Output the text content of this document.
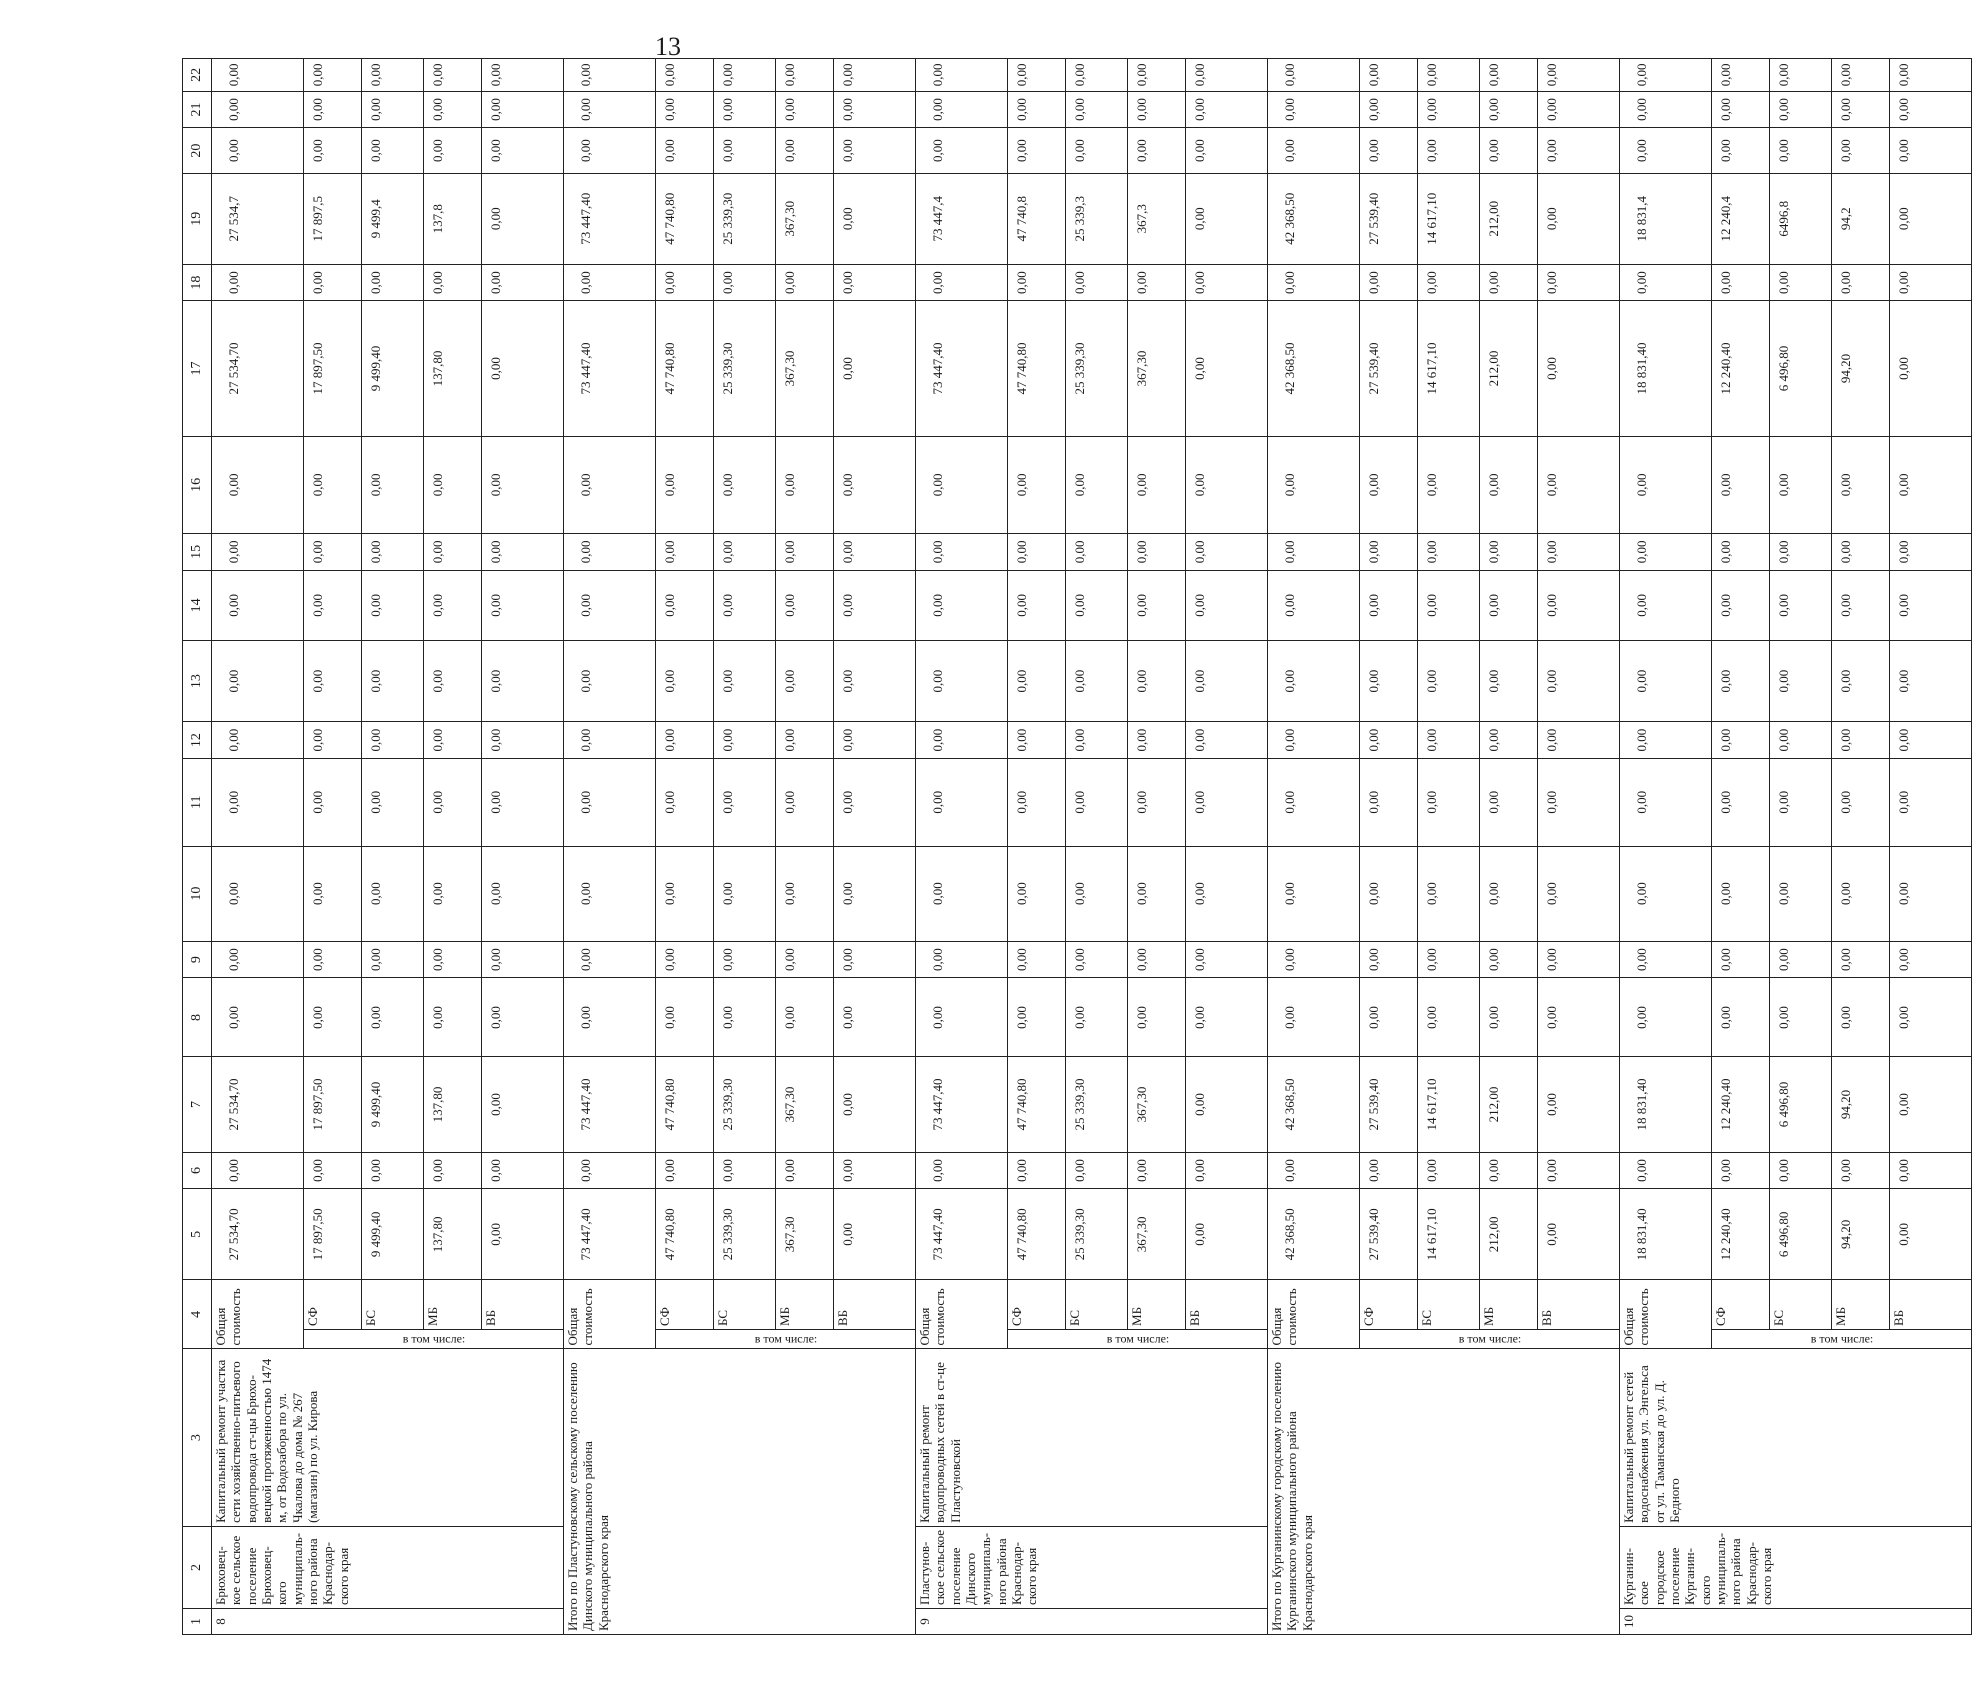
13
1	2	3	4		5	6	7	8	9	10	11	12	13	14	15	16	17	18	19	20	21	22
8	Брюховец-кое сельское поселение Брюховец-кого муниципаль-ного района Краснодар-ского края	Капитальный ремонт участка сети хозяйственно-питьевого водопровода ст-цы Брюхо-вецкой протяженностью 1474 м, от Водозабора по ул. Чкалова до дома № 267 (магазин) по ул. Кирова	Общая стоимость		27 534,70	0,00	27 534,70	0,00	0,00	0,00	0,00	0,00	0,00	0,00	0,00	0,00	27 534,70	0,00	27 534,7	0,00	0,00	0,00

			в том числе:	СФ	17 897,50	0,00	17 897,50	0,00	0,00	0,00	0,00	0,00	0,00	0,00	0,00	0,00	17 897,50	0,00	17 897,5	0,00	0,00	0,00
				БС	9 499,40	0,00	9 499,40	0,00	0,00	0,00	0,00	0,00	0,00	0,00	0,00	0,00	9 499,40	0,00	9 499,4	0,00	0,00	0,00
				МБ	137,80	0,00	137,80	0,00	0,00	0,00	0,00	0,00	0,00	0,00	0,00	0,00	137,80	0,00	137,8	0,00	0,00	0,00
				ВБ	0,00	0,00	0,00	0,00	0,00	0,00	0,00	0,00	0,00	0,00	0,00	0,00	0,00	0,00	0,00	0,00	0,00	0,00
Итого по Пластуновскому сельскому поселению Динского муниципального района Краснодарского края			Общая стоимость		73 447,40	0,00	73 447,40	0,00	0,00	0,00	0,00	0,00	0,00	0,00	0,00	0,00	73 447,40	0,00	73 447,40	0,00	0,00	0,00

			в том числе:	СФ	47 740,80	0,00	47 740,80	0,00	0,00	0,00	0,00	0,00	0,00	0,00	0,00	0,00	47 740,80	0,00	47 740,80	0,00	0,00	0,00
				БС	25 339,30	0,00	25 339,30	0,00	0,00	0,00	0,00	0,00	0,00	0,00	0,00	0,00	25 339,30	0,00	25 339,30	0,00	0,00	0,00
				МБ	367,30	0,00	367,30	0,00	0,00	0,00	0,00	0,00	0,00	0,00	0,00	0,00	367,30	0,00	367,30	0,00	0,00	0,00
				ВБ	0,00	0,00	0,00	0,00	0,00	0,00	0,00	0,00	0,00	0,00	0,00	0,00	0,00	0,00	0,00	0,00	0,00	0,00
9	Пластунов-ское сельское поселение Динского муниципаль-ного района Краснодар-ского края	Капитальный ремонт водопроводных сетей в ст-це Пластуновской	Общая стоимость		73 447,40	0,00	73 447,40	0,00	0,00	0,00	0,00	0,00	0,00	0,00	0,00	0,00	73 447,40	0,00	73 447,4	0,00	0,00	0,00

			в том числе:	СФ	47 740,80	0,00	47 740,80	0,00	0,00	0,00	0,00	0,00	0,00	0,00	0,00	0,00	47 740,80	0,00	47 740,8	0,00	0,00	0,00
				БС	25 339,30	0,00	25 339,30	0,00	0,00	0,00	0,00	0,00	0,00	0,00	0,00	0,00	25 339,30	0,00	25 339,3	0,00	0,00	0,00
				МБ	367,30	0,00	367,30	0,00	0,00	0,00	0,00	0,00	0,00	0,00	0,00	0,00	367,30	0,00	367,3	0,00	0,00	0,00
				ВБ	0,00	0,00	0,00	0,00	0,00	0,00	0,00	0,00	0,00	0,00	0,00	0,00	0,00	0,00	0,00	0,00	0,00	0,00
Итого по Курганинскому городскому поселению Курганинского муниципального района Краснодарского края			Общая стоимость		42 368,50	0,00	42 368,50	0,00	0,00	0,00	0,00	0,00	0,00	0,00	0,00	0,00	42 368,50	0,00	42 368,50	0,00	0,00	0,00

			в том числе:	СФ	27 539,40	0,00	27 539,40	0,00	0,00	0,00	0,00	0,00	0,00	0,00	0,00	0,00	27 539,40	0,00	27 539,40	0,00	0,00	0,00
				БС	14 617,10	0,00	14 617,10	0,00	0,00	0,00	0,00	0,00	0,00	0,00	0,00	0,00	14 617,10	0,00	14 617,10	0,00	0,00	0,00
				МБ	212,00	0,00	212,00	0,00	0,00	0,00	0,00	0,00	0,00	0,00	0,00	0,00	212,00	0,00	212,00	0,00	0,00	0,00
				ВБ	0,00	0,00	0,00	0,00	0,00	0,00	0,00	0,00	0,00	0,00	0,00	0,00	0,00	0,00	0,00	0,00	0,00	0,00
10	Курганин-ское городское поселение Курганин-ского муниципаль-ного района Краснодар-ского края	Капитальный ремонт сетей водоснабжения ул. Энгельса от ул. Таманская до ул. Д. Бедного	Общая стоимость		18 831,40	0,00	18 831,40	0,00	0,00	0,00	0,00	0,00	0,00	0,00	0,00	0,00	18 831,40	0,00	18 831,4	0,00	0,00	0,00

			в том числе:	СФ	12 240,40	0,00	12 240,40	0,00	0,00	0,00	0,00	0,00	0,00	0,00	0,00	0,00	12 240,40	0,00	12 240,4	0,00	0,00	0,00
				БС	6 496,80	0,00	6 496,80	0,00	0,00	0,00	0,00	0,00	0,00	0,00	0,00	0,00	6 496,80	0,00	6496,8	0,00	0,00	0,00
				МБ	94,20	0,00	94,20	0,00	0,00	0,00	0,00	0,00	0,00	0,00	0,00	0,00	94,20	0,00	94,2	0,00	0,00	0,00
				ВБ	0,00	0,00	0,00	0,00	0,00	0,00	0,00	0,00	0,00	0,00	0,00	0,00	0,00	0,00	0,00	0,00	0,00	0,00
